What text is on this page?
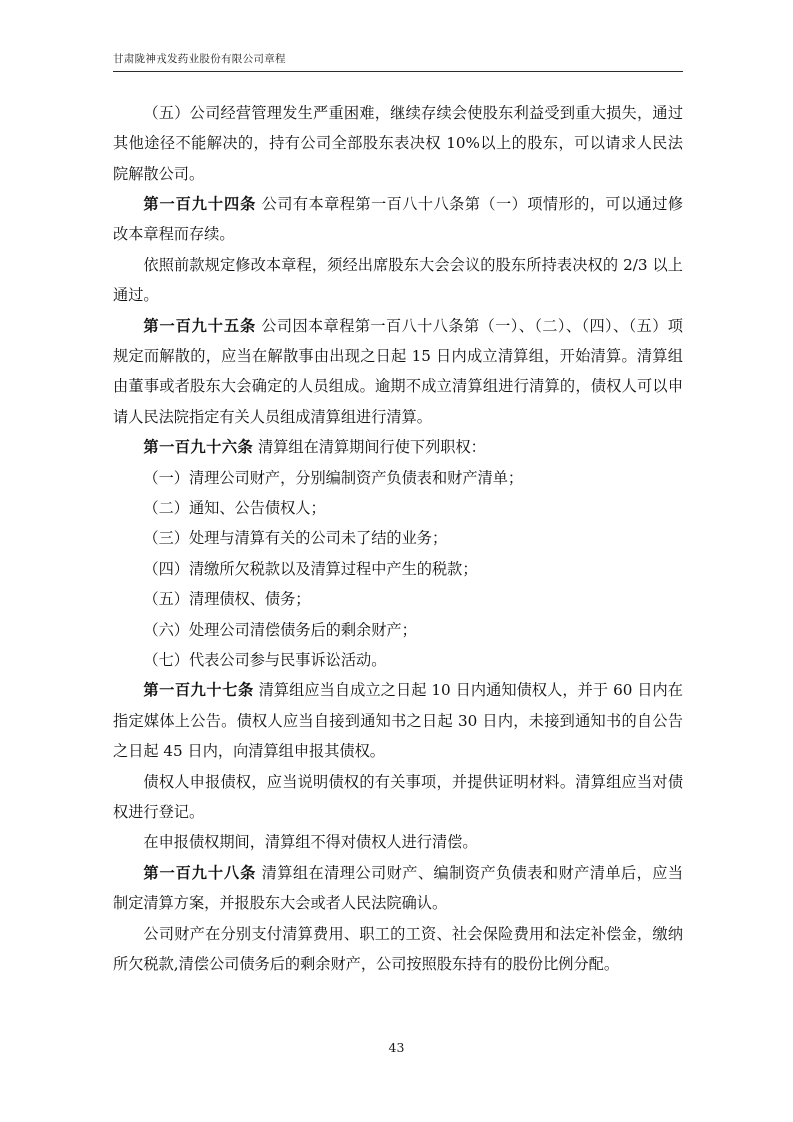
甘肃陇神戎发药业股份有限公司章程

（五）公司经营管理发生严重困难，继续存续会使股东利益受到重大损失，通过其他途径不能解决的，持有公司全部股东表决权 10%以上的股东，可以请求人民法院解散公司。

第一百九十四条 公司有本章程第一百八十八条第（一）项情形的，可以通过修改本章程而存续。

依照前款规定修改本章程，须经出席股东大会会议的股东所持表决权的 2/3 以上通过。

第一百九十五条 公司因本章程第一百八十八条第（一）、（二）、（四）、（五）项规定而解散的，应当在解散事由出现之日起 15 日内成立清算组，开始清算。清算组由董事或者股东大会确定的人员组成。逾期不成立清算组进行清算的，债权人可以申请人民法院指定有关人员组成清算组进行清算。

第一百九十六条 清算组在清算期间行使下列职权：

（一）清理公司财产，分别编制资产负债表和财产清单；

（二）通知、公告债权人；

（三）处理与清算有关的公司未了结的业务；

（四）清缴所欠税款以及清算过程中产生的税款；

（五）清理债权、债务；

（六）处理公司清偿债务后的剩余财产；

（七）代表公司参与民事诉讼活动。

第一百九十七条 清算组应当自成立之日起 10 日内通知债权人，并于 60 日内在指定媒体上公告。债权人应当自接到通知书之日起 30 日内，未接到通知书的自公告之日起 45 日内，向清算组申报其债权。

债权人申报债权，应当说明债权的有关事项，并提供证明材料。清算组应当对债权进行登记。

在申报债权期间，清算组不得对债权人进行清偿。

第一百九十八条 清算组在清理公司财产、编制资产负债表和财产清单后，应当制定清算方案，并报股东大会或者人民法院确认。

公司财产在分别支付清算费用、职工的工资、社会保险费用和法定补偿金，缴纳所欠税款,清偿公司债务后的剩余财产，公司按照股东持有的股份比例分配。

43
